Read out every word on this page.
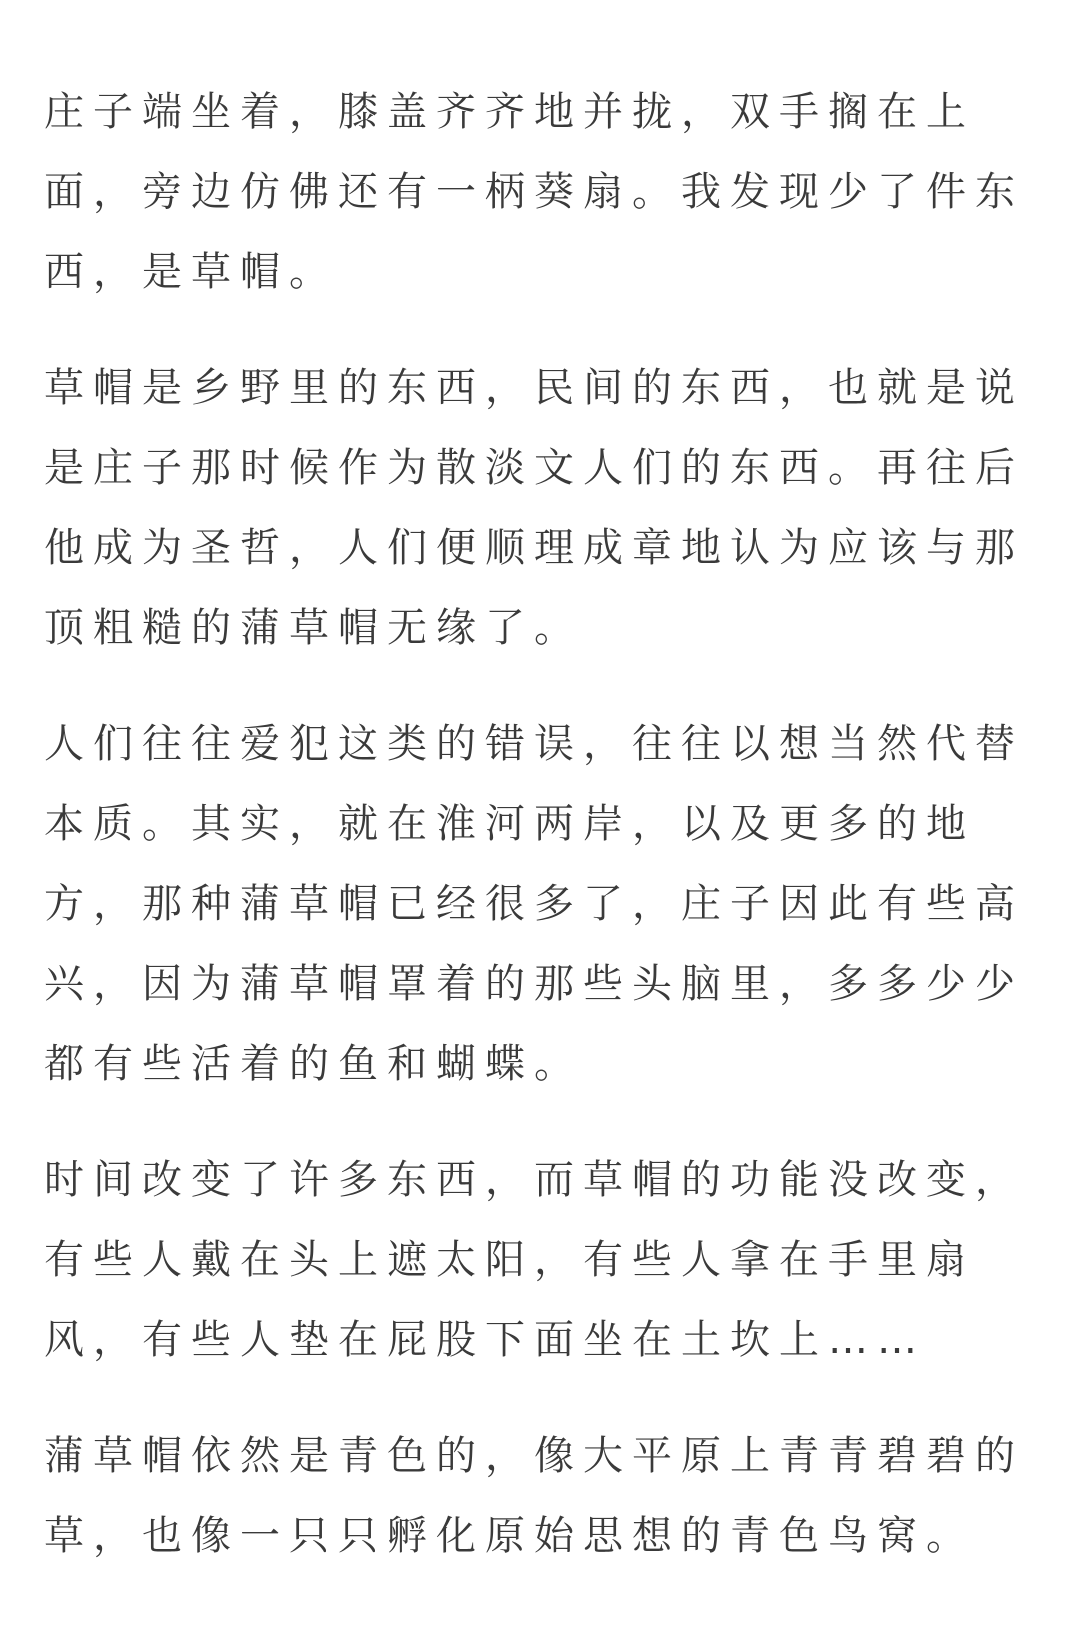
庄子端坐着，膝盖齐齐地并拢，双手搁在上
面，旁边仿佛还有一柄葵扇。我发现少了件东
西，是草帽。

草帽是乡野里的东西，民间的东西，也就是说
是庄子那时候作为散淡文人们的东西。再往后
他成为圣哲，人们便顺理成章地认为应该与那
顶粗糙的蒲草帽无缘了。

人们往往爱犯这类的错误，往往以想当然代替
本质。其实，就在淮河两岸，以及更多的地
方，那种蒲草帽已经很多了，庄子因此有些高
兴，因为蒲草帽罩着的那些头脑里，多多少少
都有些活着的鱼和蝴蝶。

时间改变了许多东西，而草帽的功能没改变，
有些人戴在头上遮太阳，有些人拿在手里扇
风，有些人垫在屁股下面坐在土坎上……

蒲草帽依然是青色的，像大平原上青青碧碧的
草，也像一只只孵化原始思想的青色鸟窝。
